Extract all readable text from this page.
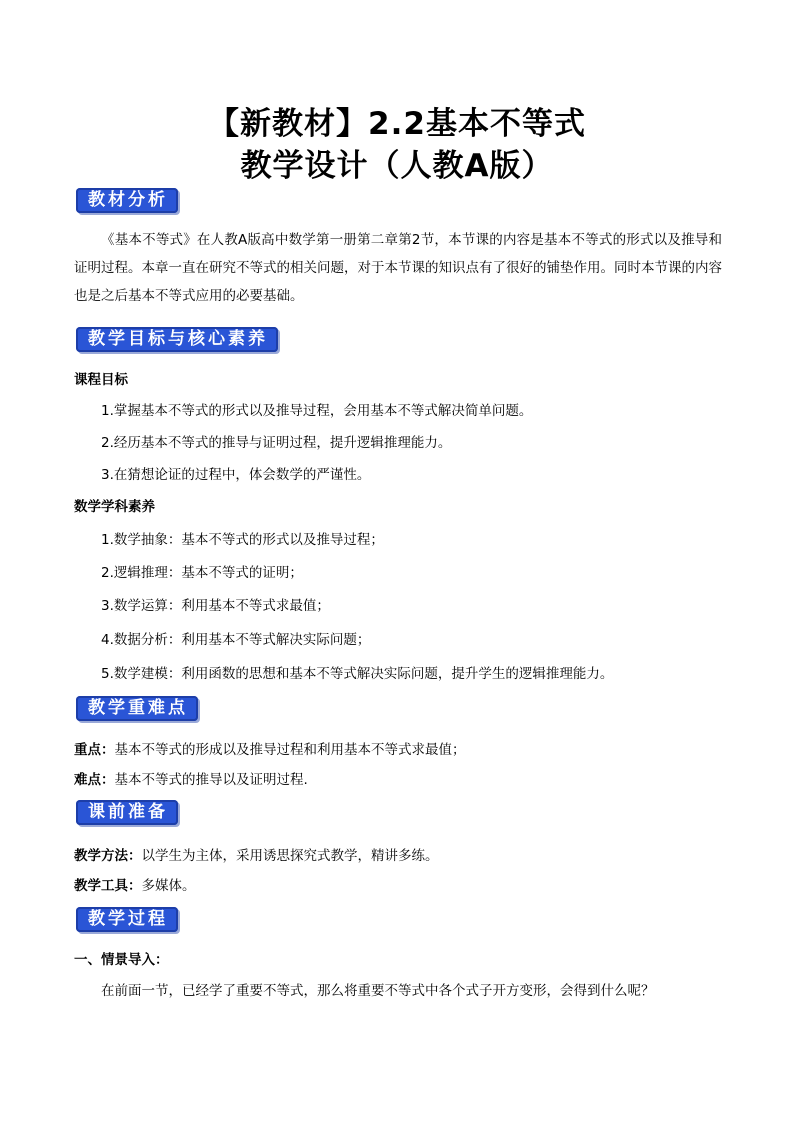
【新教材】2.2基本不等式
教学设计（人教A版）
教材分析
《基本不等式》在人教A版高中数学第一册第二章第2节，本节课的内容是基本不等式的形式以及推导和证明过程。本章一直在研究不等式的相关问题，对于本节课的知识点有了很好的铺垫作用。同时本节课的内容也是之后基本不等式应用的必要基础。
教学目标与核心素养
课程目标
1.掌握基本不等式的形式以及推导过程，会用基本不等式解决简单问题。
2.经历基本不等式的推导与证明过程，提升逻辑推理能力。
3.在猜想论证的过程中，体会数学的严谨性。
数学学科素养
1.数学抽象：基本不等式的形式以及推导过程；
2.逻辑推理：基本不等式的证明；
3.数学运算：利用基本不等式求最值；
4.数据分析：利用基本不等式解决实际问题；
5.数学建模：利用函数的思想和基本不等式解决实际问题，提升学生的逻辑推理能力。
教学重难点
重点：基本不等式的形成以及推导过程和利用基本不等式求最值；
难点：基本不等式的推导以及证明过程.
课前准备
教学方法：以学生为主体，采用诱思探究式教学，精讲多练。
教学工具：多媒体。
教学过程
一、情景导入：
在前面一节，已经学了重要不等式，那么将重要不等式中各个式子开方变形，会得到什么呢？
